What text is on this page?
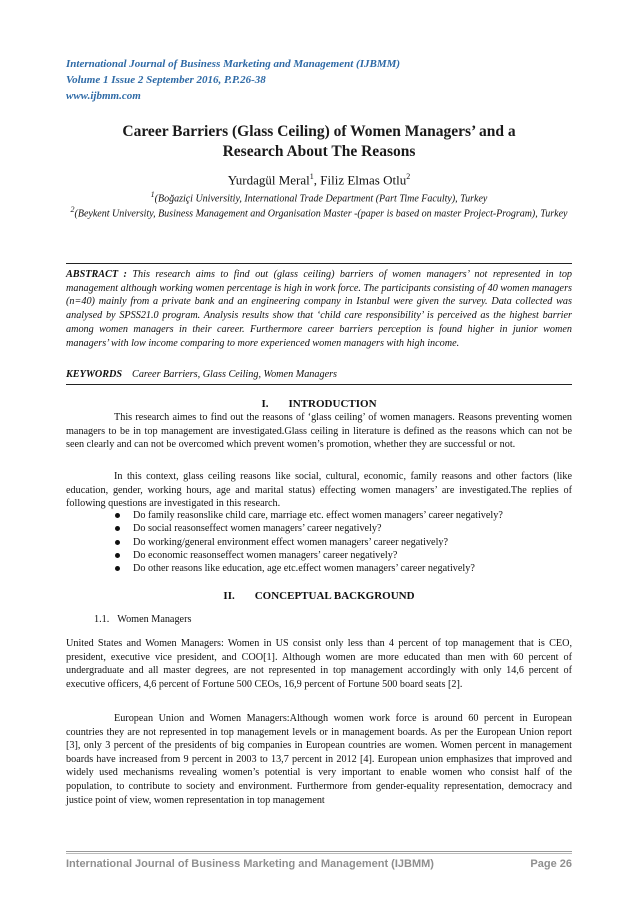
International Journal of Business Marketing and Management (IJBMM)
Volume 1 Issue 2 September 2016, P.P.26-38
www.ijbmm.com
Career Barriers (Glass Ceiling) of Women Managers’ and a
Research About The Reasons
Yurdagül Meral$^1$, Filiz Elmas Otlu$^2$
$^1$(Boğaziçi Universitiy, International Trade Department (Part Time Faculty), Turkey
$^2$(Beykent University, Business Management and Organisation Master -(paper is based on master Project-Program), Turkey
ABSTRACT : This research aims to find out (glass ceiling) barriers of women managers’ not represented in top management although working women percentage is high in work force. The participants consisting of 40 women managers (n=40) mainly from a private bank and an engineering company in Istanbul were given the survey. Data collected was analysed by SPSS21.0 program. Analysis results show that ‘child care responsibility’ is perceived as the highest barrier among women managers in their career. Furthermore career barriers perception is found higher in junior women managers’ with low income comparing to more experienced women managers with high income.
KEYWORDS Career Barriers, Glass Ceiling, Women Managers
I. INTRODUCTION
This research aimes to find out the reasons of ‘glass ceiling’ of women managers. Reasons preventing women managers to be in top management are investigated.Glass ceiling in literature is defined as the reasons which can not be seen clearly and can not be overcomed which prevent women’s promotion, whether they are successful or not.
In this context, glass ceiling reasons like social, cultural, economic, family reasons and other factors (like education, gender, working hours, age and marital status) effecting women managers’ are investigated.The replies of following questions are investigated in this research.
Do family reasonslike child care, marriage etc. effect women managers’ career negatively?
Do social reasonseffect women managers’ career negatively?
Do working/general environment effect women managers’ career negatively?
Do economic reasonseffect women managers’ career negatively?
Do other reasons like education, age etc.effect women managers’ career negatively?
II. CONCEPTUAL BACKGROUND
1.1. Women Managers
United States and Women Managers: Women in US consist only less than 4 percent of top management that is CEO, president, executive vice president, and COO[1]. Although women are more educated than men with 60 percent of undergraduate and all master degrees, are not represented in top management accordingly with only 14,6 percent of executive officers, 4,6 percent of Fortune 500 CEOs, 16,9 percent of Fortune 500 board seats [2].
European Union and Women Managers:Although women work force is around 60 percent in European countries they are not represented in top management levels or in management boards. As per the European Union report [3], only 3 percent of the presidents of big companies in European countries are women. Women percent in management boards have increased from 9 percent in 2003 to 13,7 percent in 2012 [4]. European union emphasizes that improved and widely used mechanisms revealing women’s potential is very important to enable women who consist half of the population, to contribute to society and environment. Furthermore from gender-equality representation, democracy and justice point of view, women representation in top management
International Journal of Business Marketing and Management (IJBMM)	Page 26
